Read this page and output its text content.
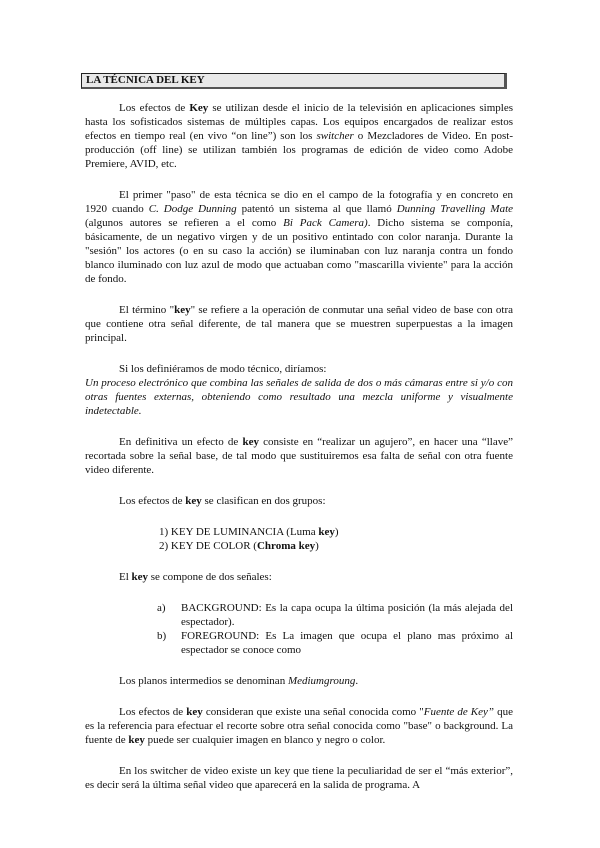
LA TÉCNICA DEL KEY

Los efectos de Key se utilizan desde el inicio de la televisión en aplicaciones simples hasta los sofisticados sistemas de múltiples capas. Los equipos encargados de realizar estos efectos en tiempo real (en vivo “on line”) son los switcher o Mezcladores de Video. En post-producción (off line) se utilizan también los programas de edición de video como Adobe Premiere, AVID, etc.

El primer "paso" de esta técnica se dio en el campo de la fotografía y en concreto en 1920 cuando C. Dodge Dunning patentó un sistema al que llamó Dunning Travelling Mate (algunos autores se refieren a el como Bi Pack Camera). Dicho sistema se componía, básicamente, de un negativo virgen y de un positivo entintado con color naranja. Durante la "sesión" los actores (o en su caso la acción) se iluminaban con luz naranja contra un fondo blanco iluminado con luz azul de modo que actuaban como "mascarilla viviente" para la acción de fondo.

El término "key" se refiere a la operación de conmutar una señal video de base con otra que contiene otra señal diferente, de tal manera que se muestren superpuestas a la imagen principal.

Si los definiéramos de modo técnico, diríamos:

Un proceso electrónico que combina las señales de salida de dos o más cámaras entre si y/o con otras fuentes externas, obteniendo como resultado una mezcla uniforme y visualmente indetectable.

En definitiva un efecto de key consiste en “realizar un agujero”, en hacer una “llave” recortada sobre la señal base, de tal modo que sustituiremos esa falta de señal con otra fuente video diferente.

Los efectos de key se clasifican en dos grupos:

1) KEY DE LUMINANCIA (Luma key)
2) KEY DE COLOR (Chroma key)

El key se compone de dos señales:

a)	BACKGROUND: Es la capa ocupa la última posición (la más alejada del espectador).
b)	FOREGROUND: Es La imagen que ocupa el plano mas próximo al espectador se conoce como

Los planos intermedios se denominan Mediumgroung.

Los efectos de key consideran que existe una señal conocida como "Fuente de Key” que es la referencia para efectuar el recorte sobre otra señal conocida como "base" o background. La fuente de key puede ser cualquier imagen en blanco y negro o color.

En los switcher de video existe un key que tiene la peculiaridad de ser el “más exterior”, es decir será la última señal video que aparecerá en la salida de programa. A
